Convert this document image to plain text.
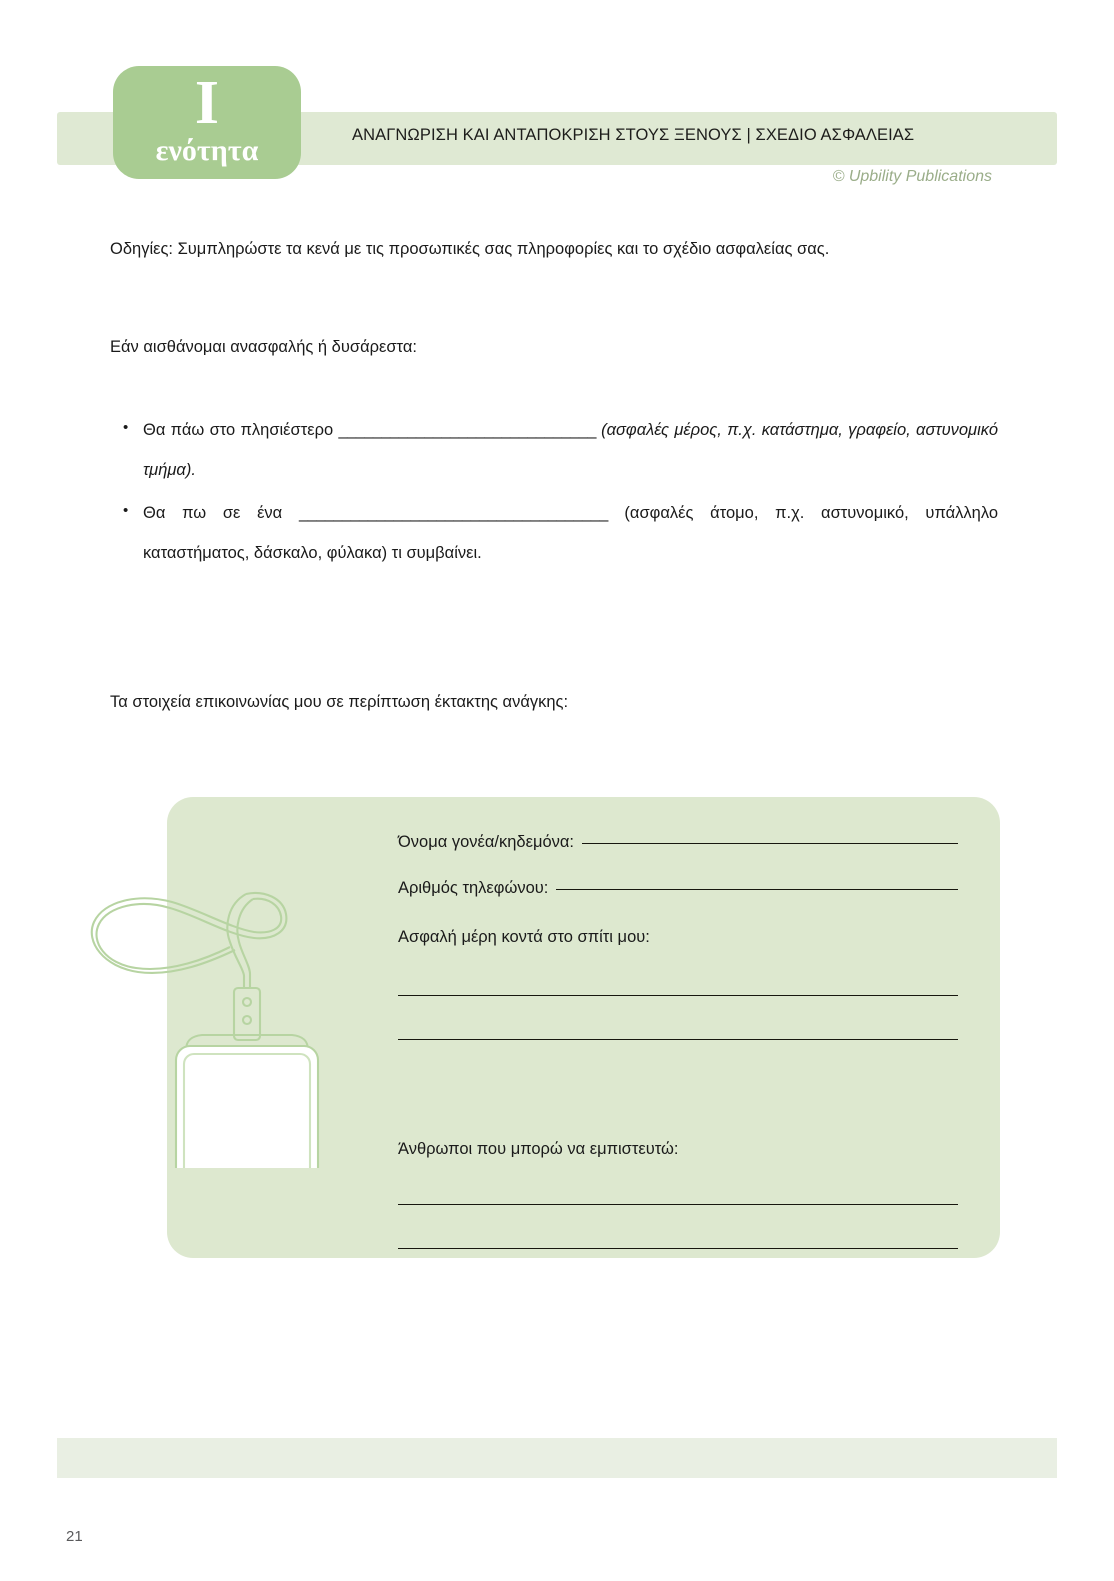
ΑΝΑΓΝΩΡΙΣΗ ΚΑΙ ΑΝΤΑΠΟΚΡΙΣΗ ΣΤΟΥΣ ΞΕΝΟΥΣ | ΣΧΕΔΙΟ ΑΣΦΑΛΕΙΑΣ
I
ενότητα
© Upbility Publications
Οδηγίες: Συμπληρώστε τα κενά με τις προσωπικές σας πληροφορίες και το σχέδιο ασφαλείας σας.
Εάν αισθάνομαι ανασφαλής ή δυσάρεστα:
• Θα πάω στο πλησιέστερο ______________________________ (ασφαλές μέρος, π.χ. κατάστημα, γραφείο, αστυνομικό τμήμα).
• Θα πω σε ένα ____________________________________ (ασφαλές άτομο, π.χ. αστυνομικό, υπάλληλο καταστήματος, δάσκαλο, φύλακα) τι συμβαίνει.
Τα στοιχεία επικοινωνίας μου σε περίπτωση έκτακτης ανάγκης:
Όνομα γονέα/κηδεμόνα:
Αριθμός τηλεφώνου:
Ασφαλή μέρη κοντά στο σπίτι μου:
Άνθρωποι που μπορώ να εμπιστευτώ:
21
